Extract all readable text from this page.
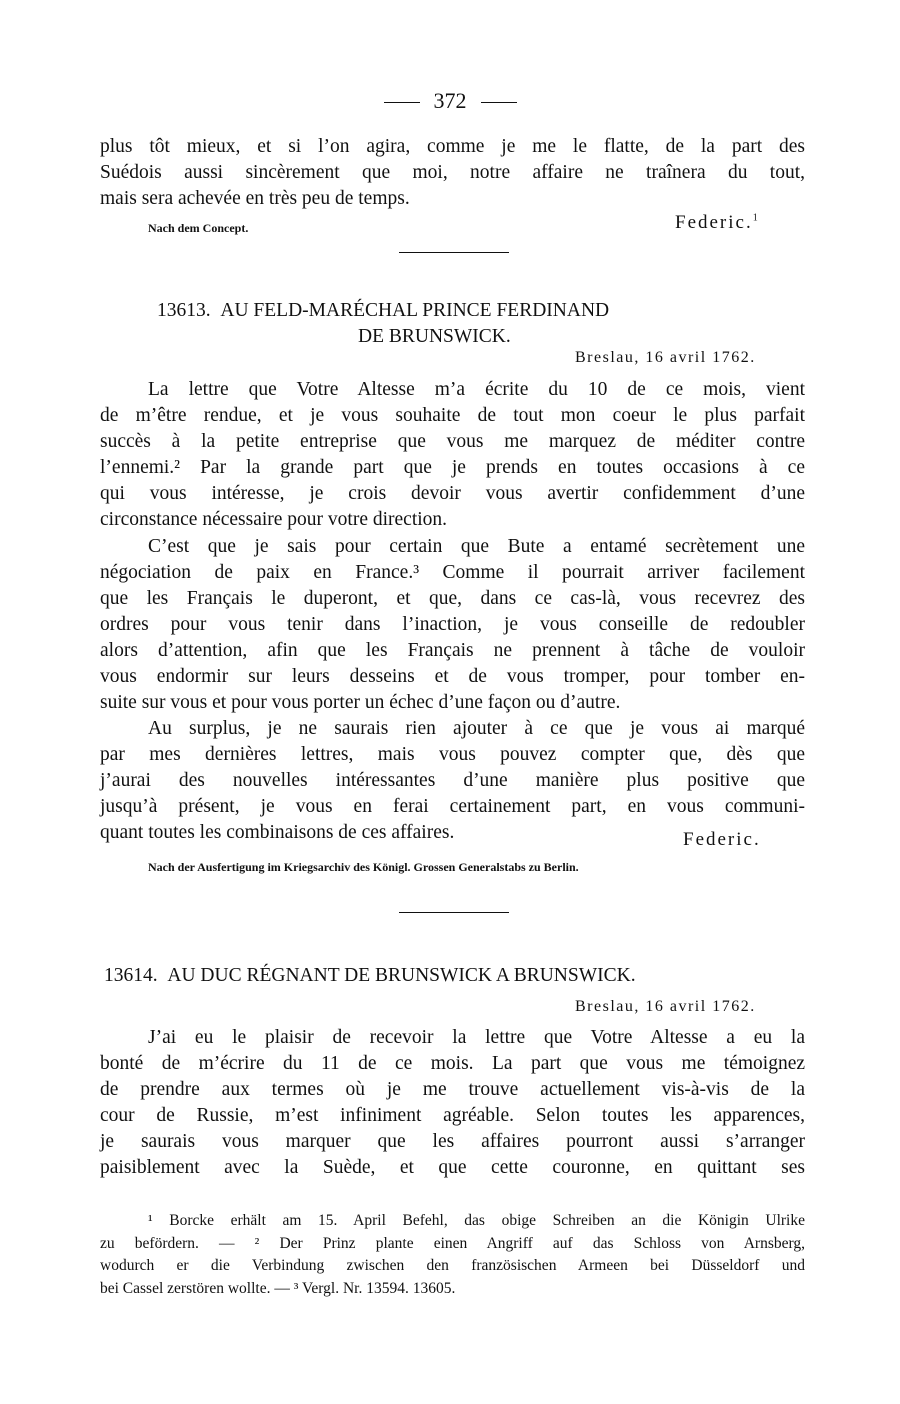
372
plus tôt mieux, et si l’on agira, comme je me le flatte, de la part des
Suédois aussi sincèrement que moi, notre affaire ne traînera du tout,
mais sera achevée en très peu de temps.
Nach dem Concept.	Federic.$^1$
13613. AU FELD-MARÉCHAL PRINCE FERDINAND
DE BRUNSWICK.
Breslau, 16 avril 1762.
La lettre que Votre Altesse m’a écrite du 10 de ce mois, vient
de m’être rendue, et je vous souhaite de tout mon coeur le plus parfait
succès à la petite entreprise que vous me marquez de méditer contre
l’ennemi.² Par la grande part que je prends en toutes occasions à ce
qui vous intéresse, je crois devoir vous avertir confidemment d’une
circonstance nécessaire pour votre direction.
C’est que je sais pour certain que Bute a entamé secrètement une
négociation de paix en France.³ Comme il pourrait arriver facilement
que les Français le duperont, et que, dans ce cas-là, vous recevrez des
ordres pour vous tenir dans l’inaction, je vous conseille de redoubler
alors d’attention, afin que les Français ne prennent à tâche de vouloir
vous endormir sur leurs desseins et de vous tromper, pour tomber en-
suite sur vous et pour vous porter un échec d’une façon ou d’autre.
Au surplus, je ne saurais rien ajouter à ce que je vous ai marqué
par mes dernières lettres, mais vous pouvez compter que, dès que
j’aurai des nouvelles intéressantes d’une manière plus positive que
jusqu’à présent, je vous en ferai certainement part, en vous communi-
quant toutes les combinaisons de ces affaires.	Federic.
Nach der Ausfertigung im Kriegsarchiv des Königl. Grossen Generalstabs zu Berlin.
13614. AU DUC RÉGNANT DE BRUNSWICK A BRUNSWICK.
Breslau, 16 avril 1762.
J’ai eu le plaisir de recevoir la lettre que Votre Altesse a eu la
bonté de m’écrire du 11 de ce mois. La part que vous me témoignez
de prendre aux termes où je me trouve actuellement vis-à-vis de la
cour de Russie, m’est infiniment agréable. Selon toutes les apparences,
je saurais vous marquer que les affaires pourront aussi s’arranger
paisiblement avec la Suède, et que cette couronne, en quittant ses
¹ Borcke erhält am 15. April Befehl, das obige Schreiben an die Königin Ulrike
zu befördern. — ² Der Prinz plante einen Angriff auf das Schloss von Arnsberg,
wodurch er die Verbindung zwischen den französischen Armeen bei Düsseldorf und
bei Cassel zerstören wollte. — ³ Vergl. Nr. 13594. 13605.
